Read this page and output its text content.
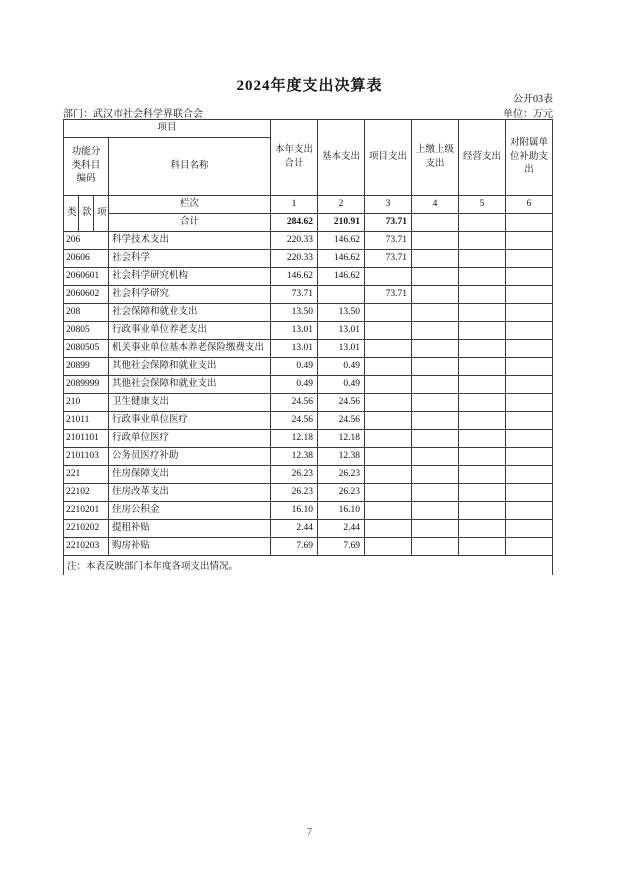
2024年度支出决算表
公开03表
部门：武汉市社会科学界联合会	单位：万元
项目				本年支出合计	基本支出	项目支出	上缴上级支出	经营支出	对附属单位补助支出
功能分类科目编码			科目名称						
类	款	项	栏次	1	2	3	4	5	6
			合计	284.62	210.91	73.71			
206			科学技术支出	220.33	146.62	73.71			
20606			社会科学	220.33	146.62	73.71			
2060601			社会科学研究机构	146.62	146.62				
2060602			社会科学研究	73.71		73.71			
208			社会保障和就业支出	13.50	13.50				
20805			行政事业单位养老支出	13.01	13.01				
2080505			机关事业单位基本养老保险缴费支出	13.01	13.01				
20899			其他社会保障和就业支出	0.49	0.49				
2089999			其他社会保障和就业支出	0.49	0.49				
210			卫生健康支出	24.56	24.56				
21011			行政事业单位医疗	24.56	24.56				
2101101			行政单位医疗	12.18	12.18				
2101103			公务员医疗补助	12.38	12.38				
221			住房保障支出	26.23	26.23				
22102			住房改革支出	26.23	26.23				
2210201			住房公积金	16.10	16.10				
2210202			提租补贴	2.44	2.44				
2210203			购房补贴	7.69	7.69				
注：本表反映部门本年度各项支出情况。
7
